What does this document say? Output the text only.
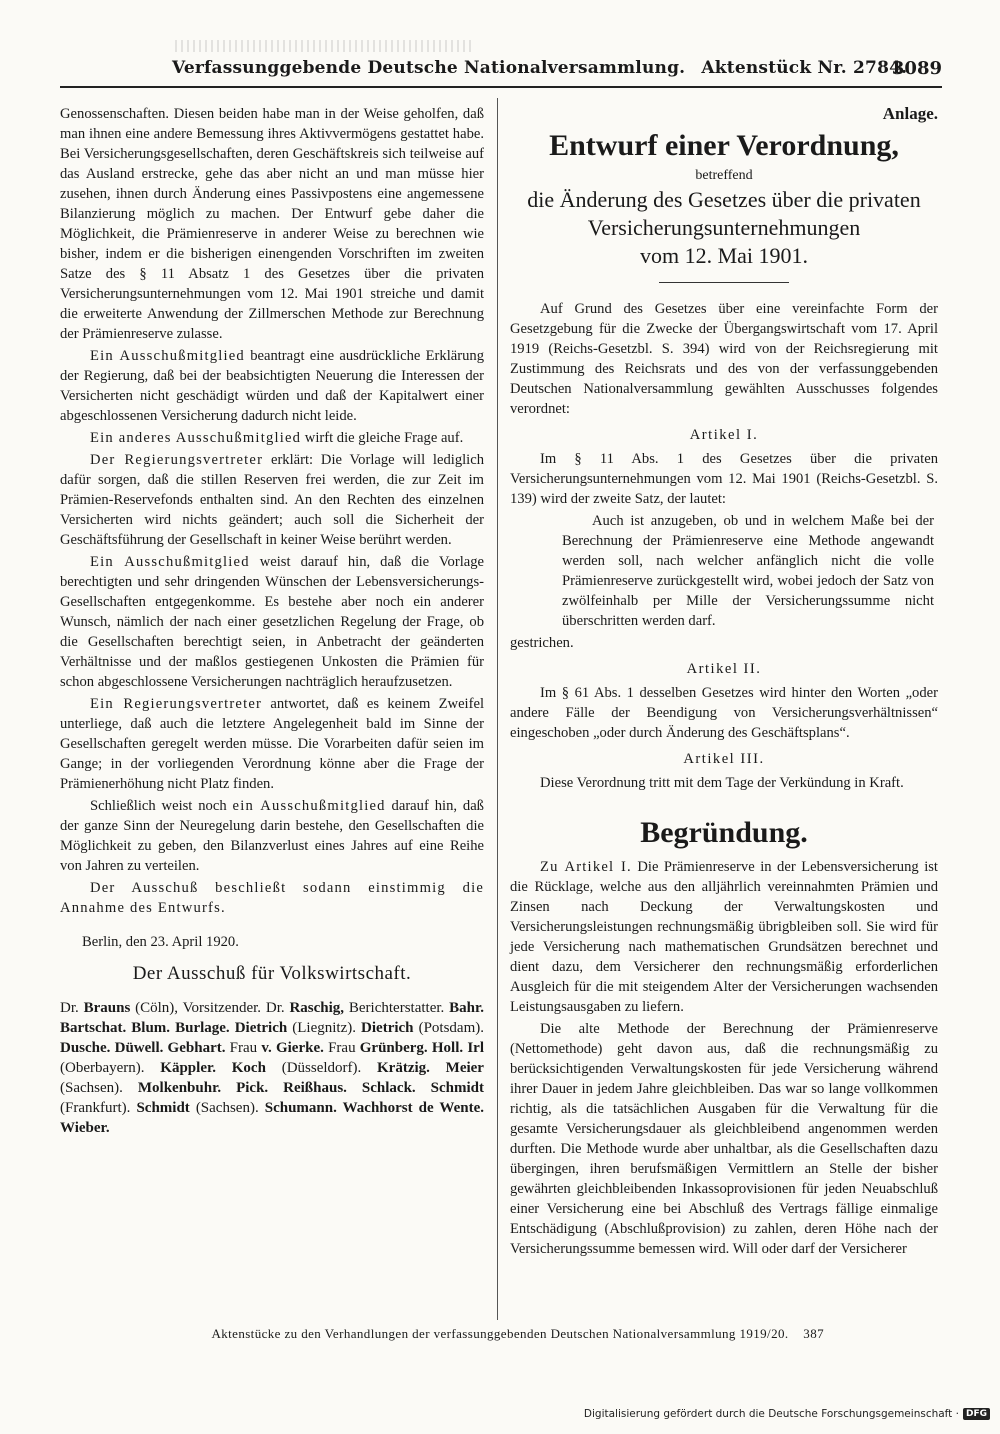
Verfassunggebende Deutsche Nationalversammlung. Aktenstück Nr. 2784.
3089

Genossenschaften. Diesen beiden habe man in der Weise geholfen, daß man ihnen eine andere Bemessung ihres Aktivvermögens gestattet habe. Bei Versicherungsgesellschaften, deren Geschäftskreis sich teilweise auf das Ausland erstrecke, gehe das aber nicht an und man müsse hier zusehen, ihnen durch Änderung eines Passivpostens eine angemessene Bilanzierung möglich zu machen. Der Entwurf gebe daher die Möglichkeit, die Prämienreserve in anderer Weise zu berechnen wie bisher, indem er die bisherigen einengenden Vorschriften im zweiten Satze des § 11 Absatz 1 des Gesetzes über die privaten Versicherungsunternehmungen vom 12. Mai 1901 streiche und damit die erweiterte Anwendung der Zillmerschen Methode zur Berechnung der Prämienreserve zulasse.

Ein Ausschußmitglied beantragt eine ausdrückliche Erklärung der Regierung, daß bei der beabsichtigten Neuerung die Interessen der Versicherten nicht geschädigt würden und daß der Kapitalwert einer abgeschlossenen Versicherung dadurch nicht leide.

Ein anderes Ausschußmitglied wirft die gleiche Frage auf.

Der Regierungsvertreter erklärt: Die Vorlage will lediglich dafür sorgen, daß die stillen Reserven frei werden, die zur Zeit im Prämien-Reservefonds enthalten sind. An den Rechten des einzelnen Versicherten wird nichts geändert; auch soll die Sicherheit der Geschäftsführung der Gesellschaft in keiner Weise berührt werden.

Ein Ausschußmitglied weist darauf hin, daß die Vorlage berechtigten und sehr dringenden Wünschen der Lebensversicherungs-Gesellschaften entgegenkomme. Es bestehe aber noch ein anderer Wunsch, nämlich der nach einer gesetzlichen Regelung der Frage, ob die Gesellschaften berechtigt seien, in Anbetracht der geänderten Verhältnisse und der maßlos gestiegenen Unkosten die Prämien für schon abgeschlossene Versicherungen nachträglich heraufzusetzen.

Ein Regierungsvertreter antwortet, daß es keinem Zweifel unterliege, daß auch die letztere Angelegenheit bald im Sinne der Gesellschaften geregelt werden müsse. Die Vorarbeiten dafür seien im Gange; in der vorliegenden Verordnung könne aber die Frage der Prämienerhöhung nicht Platz finden.

Schließlich weist noch ein Ausschußmitglied darauf hin, daß der ganze Sinn der Neuregelung darin bestehe, den Gesellschaften die Möglichkeit zu geben, den Bilanzverlust eines Jahres auf eine Reihe von Jahren zu verteilen.

Der Ausschuß beschließt sodann einstimmig die Annahme des Entwurfs.

Berlin, den 23. April 1920.

Der Ausschuß für Volkswirtschaft.
Dr. Brauns (Cöln), Vorsitzender. Dr. Raschig, Berichterstatter. Bahr. Bartschat. Blum. Burlage. Dietrich (Liegnitz). Dietrich (Potsdam). Dusche. Düwell. Gebhart. Frau v. Gierke. Frau Grünberg. Holl. Irl (Oberbayern). Käppler. Koch (Düsseldorf). Krätzig. Meier (Sachsen). Molkenbuhr. Pick. Reißhaus. Schlack. Schmidt (Frankfurt). Schmidt (Sachsen). Schumann. Wachhorst de Wente. Wieber.
Anlage.
Entwurf einer Verordnung,
betreffend
die Änderung des Gesetzes über die privaten
Versicherungsunternehmungen
vom 12. Mai 1901.

Auf Grund des Gesetzes über eine vereinfachte Form der Gesetzgebung für die Zwecke der Übergangswirtschaft vom 17. April 1919 (Reichs-Gesetzbl. S. 394) wird von der Reichsregierung mit Zustimmung des Reichsrats und des von der verfassunggebenden Deutschen Nationalversammlung gewählten Ausschusses folgendes verordnet:

Artikel I.

Im § 11 Abs. 1 des Gesetzes über die privaten Versicherungsunternehmungen vom 12. Mai 1901 (Reichs-Gesetzbl. S. 139) wird der zweite Satz, der lautet:

Auch ist anzugeben, ob und in welchem Maße bei der Berechnung der Prämienreserve eine Methode angewandt werden soll, nach welcher anfänglich nicht die volle Prämienreserve zurückgestellt wird, wobei jedoch der Satz von zwölfeinhalb per Mille der Versicherungssumme nicht überschritten werden darf.

gestrichen.

Artikel II.

Im § 61 Abs. 1 desselben Gesetzes wird hinter den Worten „oder andere Fälle der Beendigung von Versicherungsverhältnissen“ eingeschoben „oder durch Änderung des Geschäftsplans“.

Artikel III.

Diese Verordnung tritt mit dem Tage der Verkündung in Kraft.

Begründung.

Zu Artikel I. Die Prämienreserve in der Lebensversicherung ist die Rücklage, welche aus den alljährlich vereinnahmten Prämien und Zinsen nach Deckung der Verwaltungskosten und Versicherungsleistungen rechnungsmäßig übrigbleiben soll. Sie wird für jede Versicherung nach mathematischen Grundsätzen berechnet und dient dazu, dem Versicherer den rechnungsmäßig erforderlichen Ausgleich für die mit steigendem Alter der Versicherungen wachsenden Leistungsausgaben zu liefern.

Die alte Methode der Berechnung der Prämienreserve (Nettomethode) geht davon aus, daß die rechnungsmäßig zu berücksichtigenden Verwaltungskosten für jede Versicherung während ihrer Dauer in jedem Jahre gleichbleiben. Das war so lange vollkommen richtig, als die tatsächlichen Ausgaben für die Verwaltung für die gesamte Versicherungsdauer als gleichbleibend angenommen werden durften. Die Methode wurde aber unhaltbar, als die Gesellschaften dazu übergingen, ihren berufsmäßigen Vermittlern an Stelle der bisher gewährten gleichbleibenden Inkassoprovisionen für jeden Neuabschluß einer Versicherung eine bei Abschluß des Vertrags fällige einmalige Entschädigung (Abschlußprovision) zu zahlen, deren Höhe nach der Versicherungssumme bemessen wird. Will oder darf der Versicherer

Aktenstücke zu den Verhandlungen der verfassunggebenden Deutschen Nationalversammlung 1919/20. 387
Digitalisierung gefördert durch die Deutsche Forschungsgemeinschaft · DFG
